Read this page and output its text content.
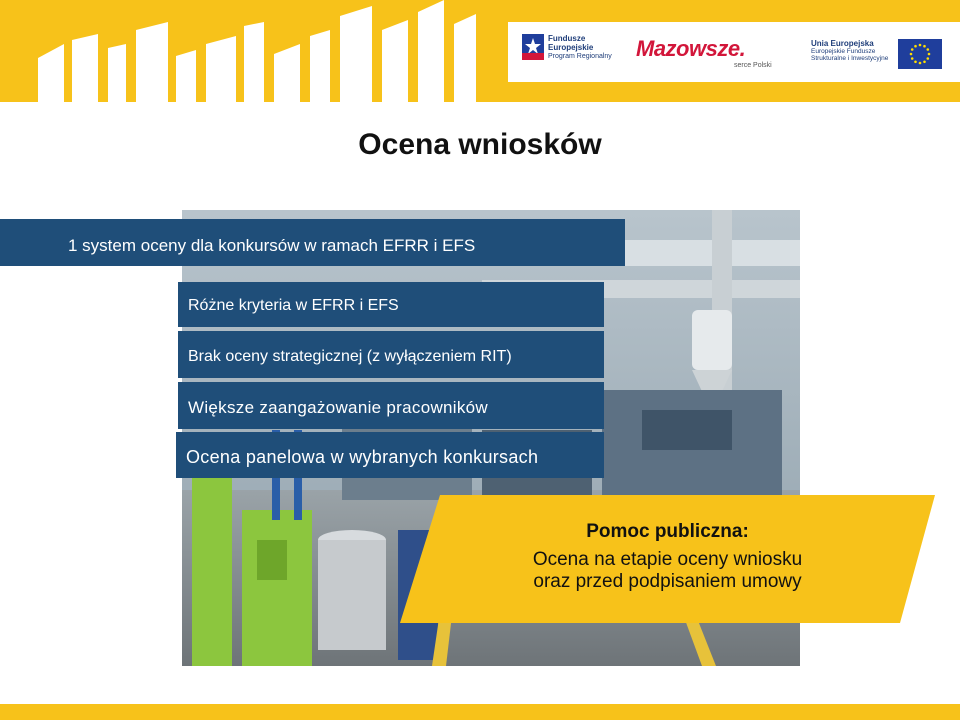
Fundusze
Europejskie
Program Regionalny Mazowsze.
serce Polski
Unia Europejska
Europejskie Fundusze
Strukturalne i Inwestycyjne
Ocena wniosków
1 system oceny dla konkursów w ramach EFRR i EFS
Różne kryteria w EFRR i EFS
Brak oceny strategicznej (z wyłączeniem RIT)
Większe zaangażowanie pracowników
Ocena panelowa w wybranych konkursach
Pomoc publiczna:
Ocena na etapie oceny wniosku
oraz przed podpisaniem umowy
